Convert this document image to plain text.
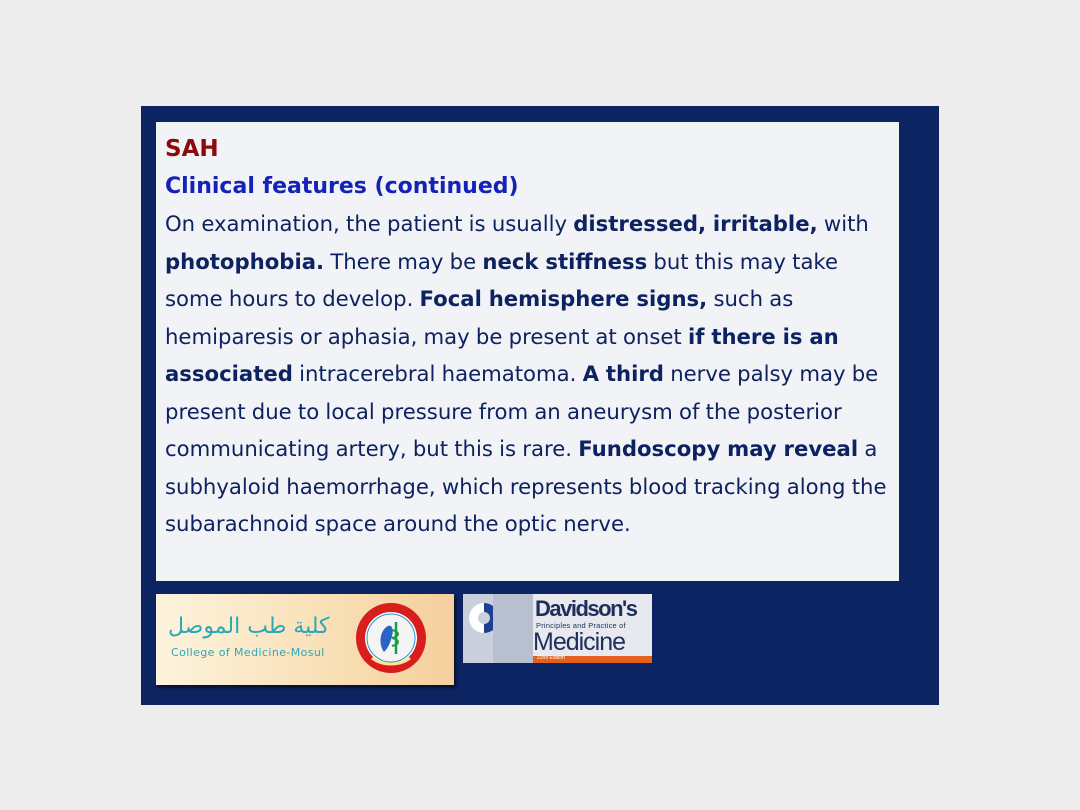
SAH

Clinical features (continued)

On examination, the patient is usually distressed, irritable, with photophobia. There may be neck stiffness but this may take some hours to develop. Focal hemisphere signs, such as hemiparesis or aphasia, may be present at onset if there is an associated intracerebral haematoma. A third nerve palsy may be present due to local pressure from an aneurysm of the posterior communicating artery, but this is rare. Fundoscopy may reveal a subhyaloid haemorrhage, which represents blood tracking along the subarachnoid space around the optic nerve.

كلية طب الموصل
College of Medicine-Mosul
Davidson's
Principles and Practice of
Medicine
22nd Edition
